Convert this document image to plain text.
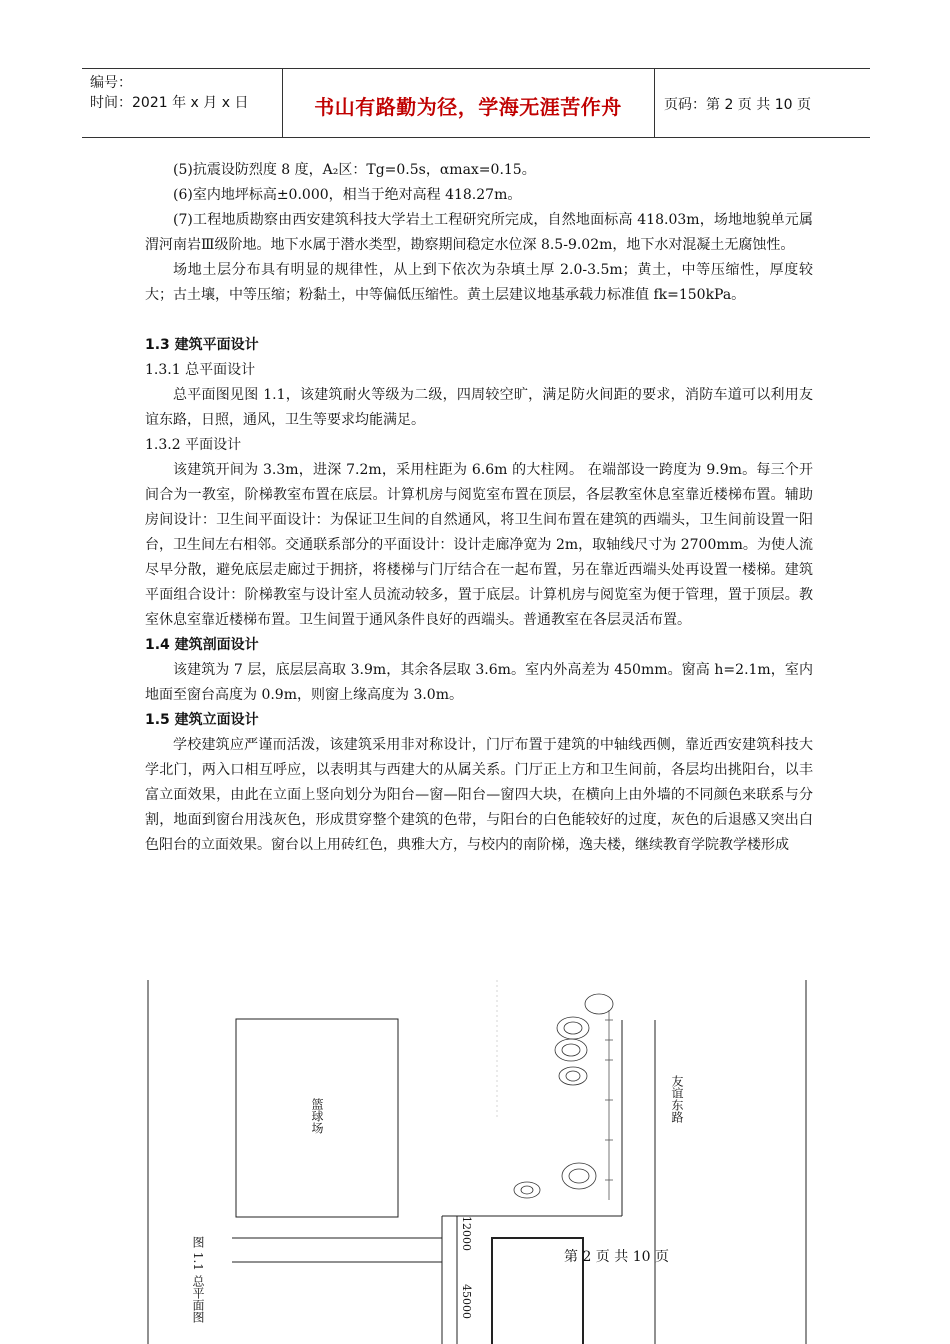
编号：
时间：2021 年 x 月 x 日	书山有路勤为径，学海无涯苦作舟	页码：第 2 页 共 10 页

(5)抗震设防烈度 8 度，A₂区：Tg=0.5s，αmax=0.15。

(6)室内地坪标高±0.000，相当于绝对高程 418.27m。

(7)工程地质勘察由西安建筑科技大学岩土工程研究所完成，自然地面标高 418.03m，场地地貌单元属渭河南岩Ⅲ级阶地。地下水属于潜水类型，勘察期间稳定水位深 8.5-9.02m，地下水对混凝土无腐蚀性。

场地土层分布具有明显的规律性，从上到下依次为杂填土厚 2.0-3.5m；黄土，中等压缩性，厚度较大；古土壤，中等压缩；粉黏土，中等偏低压缩性。黄土层建议地基承载力标准值 fk=150kPa。

1.3 建筑平面设计
1.3.1 总平面设计

总平面图见图 1.1，该建筑耐火等级为二级，四周较空旷，满足防火间距的要求，消防车道可以利用友谊东路，日照，通风，卫生等要求均能满足。

1.3.2 平面设计

该建筑开间为 3.3m，进深 7.2m，采用柱距为 6.6m 的大柱网。 在端部设一跨度为 9.9m。每三个开间合为一教室，阶梯教室布置在底层。计算机房与阅览室布置在顶层，各层教室休息室靠近楼梯布置。辅助房间设计：卫生间平面设计：为保证卫生间的自然通风，将卫生间布置在建筑的西端头，卫生间前设置一阳台，卫生间左右相邻。交通联系部分的平面设计：设计走廊净宽为 2m，取轴线尺寸为 2700mm。为使人流尽早分散，避免底层走廊过于拥挤，将楼梯与门厅结合在一起布置，另在靠近西端头处再设置一楼梯。建筑平面组合设计：阶梯教室与设计室人员流动较多，置于底层。计算机房与阅览室为便于管理，置于顶层。教室休息室靠近楼梯布置。卫生间置于通风条件良好的西端头。普通教室在各层灵活布置。

1.4 建筑剖面设计

该建筑为 7 层，底层层高取 3.9m，其余各层取 3.6m。室内外高差为 450mm。窗高 h=2.1m，室内地面至窗台高度为 0.9m，则窗上缘高度为 3.0m。

1.5 建筑立面设计

学校建筑应严谨而活泼，该建筑采用非对称设计，门厅布置于建筑的中轴线西侧，靠近西安建筑科技大学北门，两入口相互呼应，以表明其与西建大的从属关系。门厅正上方和卫生间前，各层均出挑阳台，以丰富立面效果，由此在立面上竖向划分为阳台—窗—阳台—窗四大块，在横向上由外墙的不同颜色来联系与分割，地面到窗台用浅灰色，形成贯穿整个建筑的色带，与阳台的白色能较好的过度，灰色的后退感又突出白色阳台的立面效果。窗台以上用砖红色，典雅大方，与校内的南阶梯，逸夫楼，继续教育学院教学楼形成

篮球场	友谊东路
12000
45000
图 1.1 总平面图	第 2 页 共 10 页
